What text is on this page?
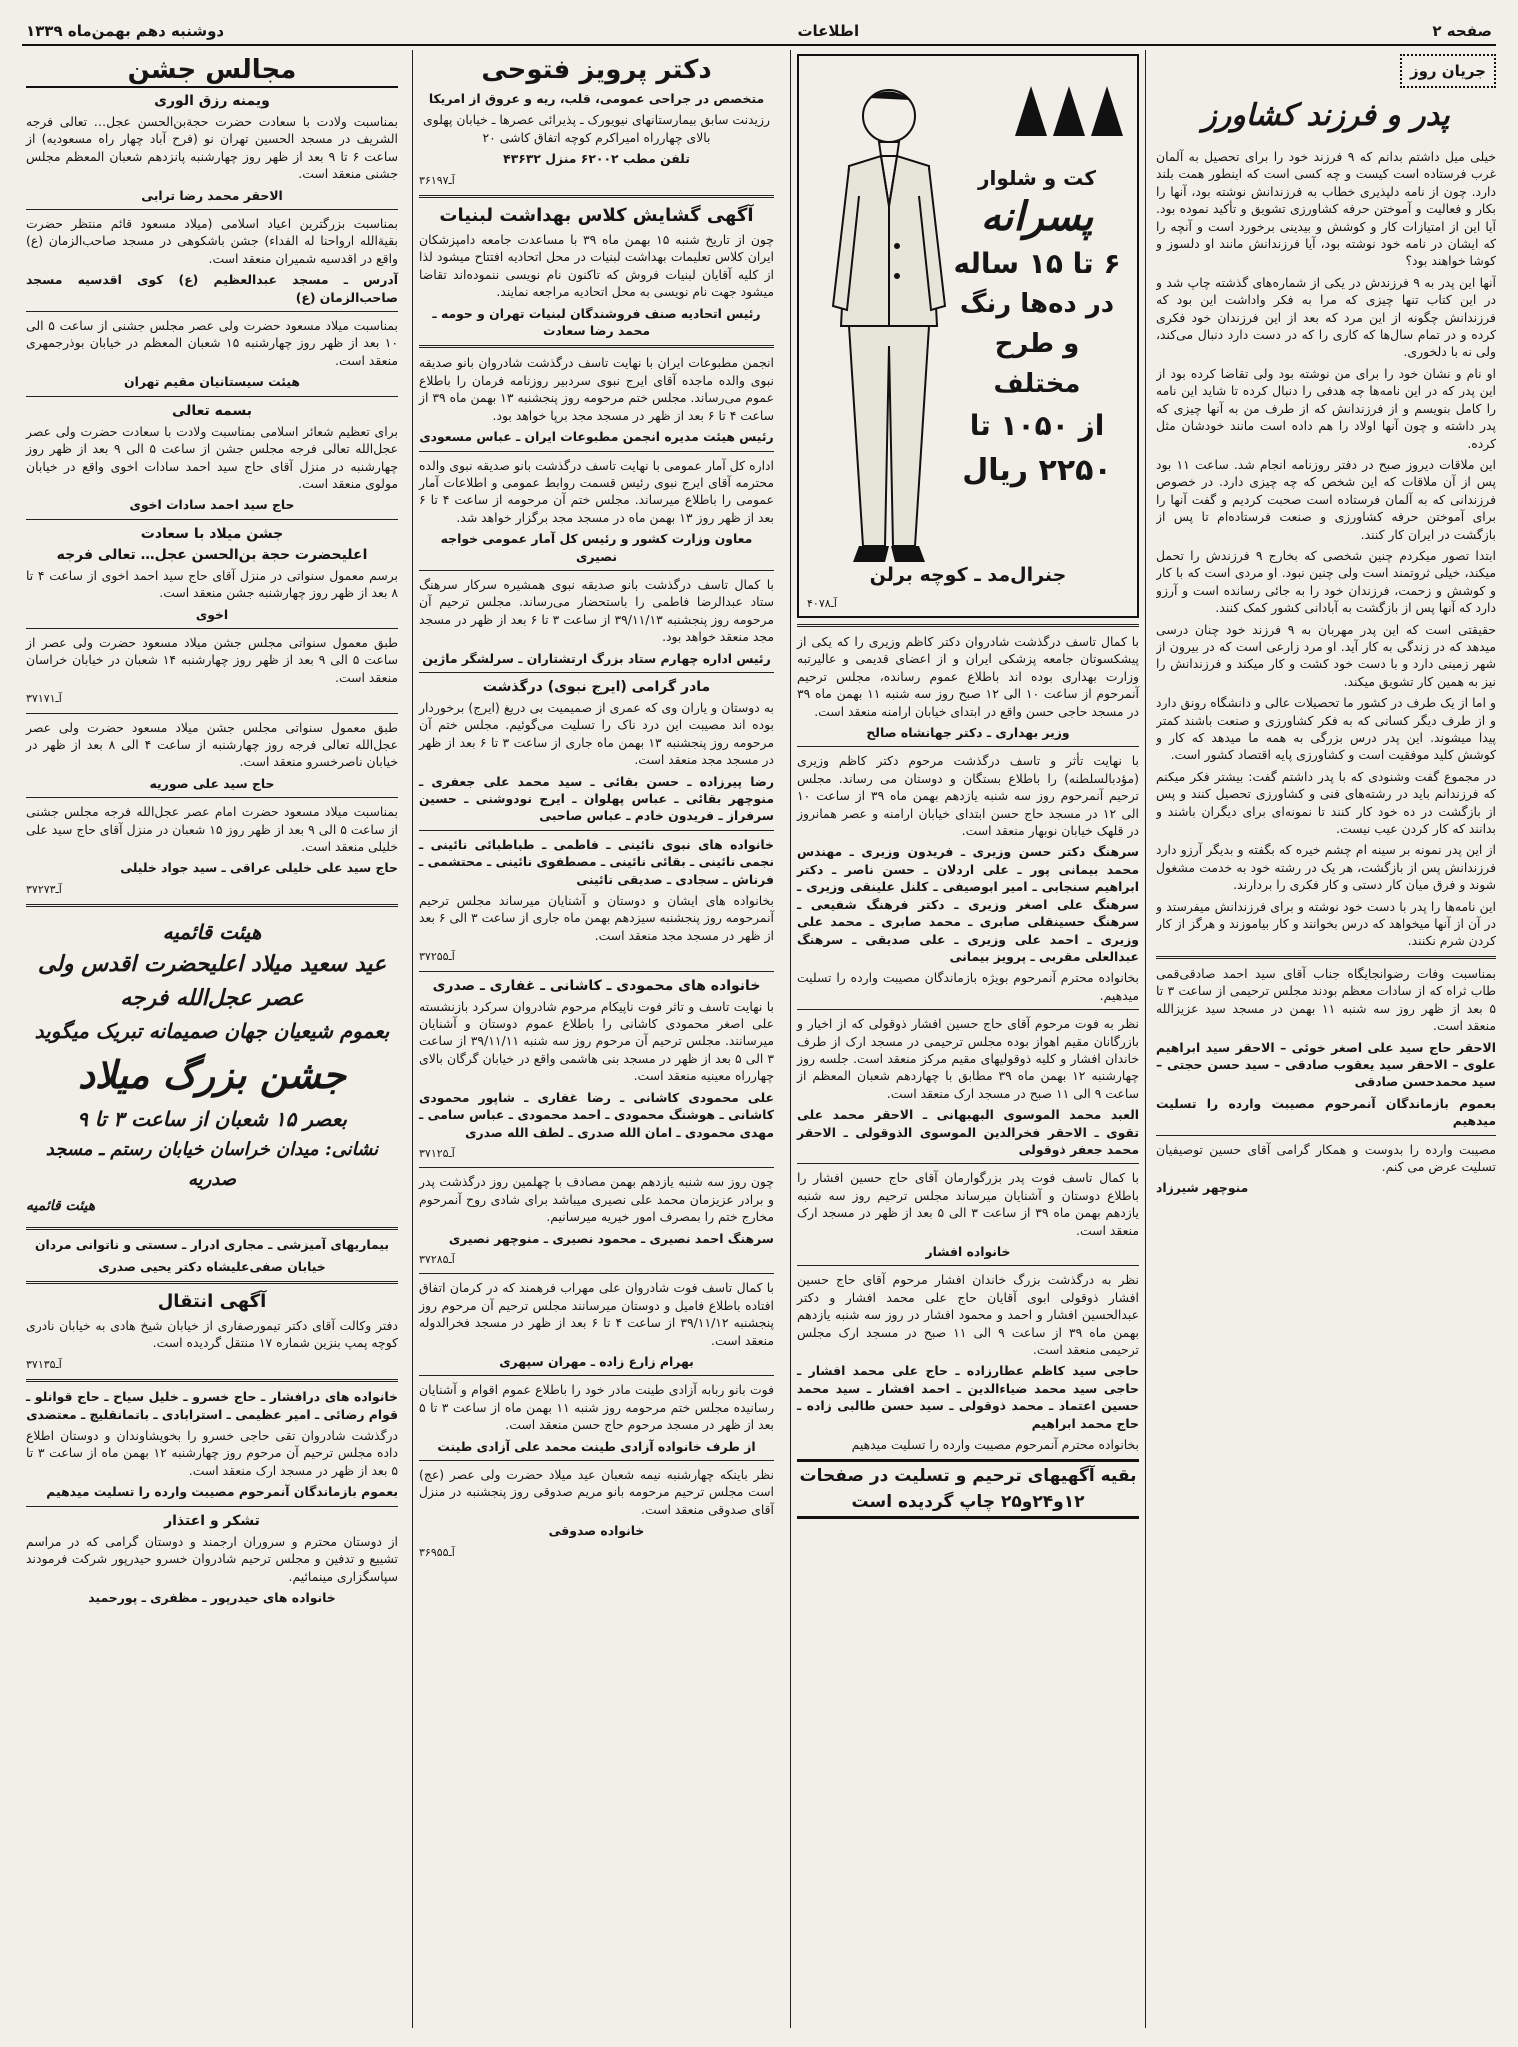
صفحه ۲
اطلاعات
دوشنبه دهم بهمن‌ماه ۱۳۳۹
جریان روز
پدر و فرزند کشاورز

خیلی میل داشتم بدانم که ۹ فرزند خود را برای تحصیل به آلمان غرب فرستاده است کیست و چه کسی است که اینطور همت بلند دارد. چون از نامه دلپذیری خطاب به فرزندانش نوشته بود، آنها را بکار و فعالیت و آموختن حرفه کشاورزی تشویق و تأکید نموده بود. آیا این از امتیازات کار و کوشش و بیدینی برخورد است و آنچه را که ایشان در نامه خود نوشته بود، آیا فرزندانش مانند او دلسوز و کوشا خواهند بود؟

آنها این پدر به ۹ فرزندش در یکی از شماره‌های گذشته چاپ شد و در این کتاب تنها چیزی که مرا به فکر واداشت این بود که فرزندانش چگونه از این مرد که بعد از این فرزندان خود فکری کرده و در تمام سال‌ها که کاری را که در دست دارد دنبال می‌کند، ولی نه با دلخوری.

او نام و نشان خود را برای من نوشته بود ولی تقاضا کرده بود از این پدر که در این نامه‌ها چه هدفی را دنبال کرده تا شاید این نامه را کامل بنویسم و از فرزندانش که از طرف من به آنها چیزی که پدر داشته و چون آنها اولاد را هم داده است مانند خودشان مثل کرده.

این ملاقات دیروز صبح در دفتر روزنامه انجام شد. ساعت ۱۱ بود پس از آن ملاقات که این شخص که چه چیزی دارد. در خصوص فرزندانی که به آلمان فرستاده است صحبت کردیم و گفت آنها را برای آموختن حرفه کشاورزی و صنعت فرستاده‌ام تا پس از بازگشت در ایران کار کنند.

ابتدا تصور میکردم چنین شخصی که بخارج ۹ فرزندش را تحمل میکند، خیلی ثروتمند است ولی چنین نبود. او مردی است که با کار و کوشش و زحمت، فرزندان خود را به جائی رسانده است و آرزو دارد که آنها پس از بازگشت به آبادانی کشور کمک کنند.

حقیقتی است که این پدر مهربان به ۹ فرزند خود چنان درسی میدهد که در زندگی به کار آید. او مرد زارعی است که در بیرون از شهر زمینی دارد و با دست خود کشت و کار میکند و فرزندانش را نیز به همین کار تشویق میکند.

و اما از یک طرف در کشور ما تحصیلات عالی و دانشگاه رونق دارد و از طرف دیگر کسانی که به فکر کشاورزی و صنعت باشند کمتر پیدا میشوند. این پدر درس بزرگی به همه ما میدهد که کار و کوشش کلید موفقیت است و کشاورزی پایه اقتصاد کشور است.

در مجموع گفت وشنودی که با پدر داشتم گفت: بیشتر فکر میکنم که فرزندانم باید در رشته‌های فنی و کشاورزی تحصیل کنند و پس از بازگشت در ده خود کار کنند تا نمونه‌ای برای دیگران باشند و بدانند که کار کردن عیب نیست.

از این پدر نمونه بر سینه ام چشم خیره که بگفته و بدیگر آرزو دارد فرزندانش پس از بازگشت، هر یک در رشته خود به خدمت مشغول شوند و فرق میان کار دستی و کار فکری را بردارند.

این نامه‌ها را پدر با دست خود نوشته و برای فرزندانش میفرستد و در آن از آنها میخواهد که درس بخوانند و کار بیاموزند و هرگز از کار کردن شرم نکنند.

بمناسبت وفات رضوانجایگاه جناب آقای سید احمد صادقی‌قمی طاب ثراه که از سادات معظم بودند مجلس ترحیمی از ساعت ۳ تا ۵ بعد از ظهر روز سه شنبه ۱۱ بهمن در مسجد سید عزیزالله منعقد است.

الاحقر حاج سید علی اصغر خوئی – الاحقر سید ابراهیم علوی – الاحقر سید یعقوب صادقی – سید حسن حجتی – سید محمدحسن صادقی

بعموم بازماندگان آنمرحوم مصیبت وارده را تسلیت میدهیم

مصیبت وارده را بدوست و همکار گرامی آقای حسین توصیفیان تسلیت عرض می کنم.

منوچهر شیرزاد

کت و شلوار
پسرانه
۶ تا ۱۵ ساله
در ده‌ها رنگ
و طرح مختلف
از ۱۰۵۰ تا
۲۲۵۰ ریال
جنرال‌مد ـ کوچه برلن
آـ۴۰۷۸

با کمال تاسف درگذشت شادروان دکتر کاظم وزیری را که یکی از پیشکسوتان جامعه پزشکی ایران و از اعضای قدیمی و عالیرتبه وزارت بهداری بوده اند باطلاع عموم رسانده، مجلس ترحیم آنمرحوم از ساعت ۱۰ الی ۱۲ صبح روز سه شنبه ۱۱ بهمن ماه ۳۹ در مسجد حاجی حسن واقع در ابتدای خیابان ارامنه منعقد است.

وزیر بهداری ـ دکتر جهانشاه صالح

با نهایت تأثر و تاسف درگذشت مرحوم دکتر کاظم وزیری (مؤدبالسلطنه) را باطلاع بستگان و دوستان می رساند. مجلس ترحیم آنمرحوم روز سه شنبه یازدهم بهمن ماه ۳۹ از ساعت ۱۰ الی ۱۲ در مسجد حاج حسن ابتدای خیابان ارامنه و عصر همانروز در قلهک خیابان نوبهار منعقد است.

سرهنگ دکتر حسن وزیری ـ فریدون وزیری ـ مهندس محمد بیمانی پور ـ علی اردلان ـ حسن ناصر ـ دکتر ابراهیم سنجابی ـ امیر ابوصیفی ـ کلنل علینقی وزیری ـ سرهنگ علی اصغر وزیری ـ دکتر فرهنگ شفیعی ـ سرهنگ حسینقلی صابری ـ محمد صابری ـ محمد علی وزیری ـ احمد علی وزیری ـ علی صدیقی ـ سرهنگ عبدالعلی مقربی ـ پرویز بیمانی

بخانواده محترم آنمرحوم بویژه بازماندگان مصیبت وارده را تسلیت میدهیم.

نظر به فوت مرحوم آقای حاج حسین افشار ذوقولی که از اخیار و بازرگانان مقیم اهواز بوده مجلس ترحیمی در مسجد ارک از طرف خاندان افشار و کلیه ذوقولیهای مقیم مرکز منعقد است. جلسه روز چهارشنبه ۱۲ بهمن ماه ۳۹ مطابق با چهاردهم شعبان المعظم از ساعت ۹ الی ۱۱ صبح در مسجد ارک منعقد است.

العبد محمد الموسوی البهبهانی ـ الاحقر محمد علی تقوی ـ الاحقر فخرالدین الموسوی الذوقولی ـ الاحقر محمد جعفر ذوقولی

با کمال تاسف فوت پدر بزرگوارمان آقای حاج حسین افشار را باطلاع دوستان و آشنایان میرساند مجلس ترحیم روز سه شنبه یازدهم بهمن ماه ۳۹ از ساعت ۳ الی ۵ بعد از ظهر در مسجد ارک منعقد است.

خانواده افشار

نظر به درگذشت بزرگ خاندان افشار مرحوم آقای حاج حسین افشار ذوقولی ابوی آقایان حاج علی محمد افشار و دکتر عبدالحسین افشار و احمد و محمود افشار در روز سه شنبه یازدهم بهمن ماه ۳۹ از ساعت ۹ الی ۱۱ صبح در مسجد ارک مجلس ترحیمی منعقد است.

حاجی سید کاظم عطارزاده ـ حاج علی محمد افشار ـ حاجی سید محمد ضیاءالدین ـ احمد افشار ـ سید محمد حسین اعتماد ـ محمد ذوقولی ـ سید حسن طالبی زاده ـ حاج محمد ابراهیم

بخانواده محترم آنمرحوم مصیبت وارده را تسلیت میدهیم

بقیه آگهیهای ترحیم و تسلیت در صفحات
۱۲و۲۴و۲۵ چاپ گردیده است
دکتر پرویز فتوحی

متخصص در جراحی عمومی، قلب، ریه و عروق از امریکا

رزیدنت سابق بیمارستانهای نیویورک ـ پذیرائی عصرها ـ خیابان پهلوی بالای چهارراه امیراکرم کوچه اتفاق کاشی ۲۰

تلفن مطب ۶۲۰۰۲ منزل ۴۳۶۳۲

آـ۳۶۱۹۷

آگهی گشایش کلاس بهداشت لبنیات

چون از تاریخ شنبه ۱۵ بهمن ماه ۳۹ با مساعدت جامعه دامپزشکان ایران کلاس تعلیمات بهداشت لبنیات در محل اتحادیه افتتاح میشود لذا از کلیه آقایان لبنیات فروش که تاکنون نام نویسی ننموده‌اند تقاضا میشود جهت نام نویسی به محل اتحادیه مراجعه نمایند.

رئیس اتحادیه صنف فروشندگان لبنیات تهران و حومه ـ محمد رضا سعادت

انجمن مطبوعات ایران با نهایت تاسف درگذشت شادروان بانو صدیقه نبوی والده ماجده آقای ایرج نبوی سردبیر روزنامه فرمان را باطلاع عموم می‌رساند. مجلس ختم مرحومه روز پنجشنبه ۱۳ بهمن ماه ۳۹ از ساعت ۴ تا ۶ بعد از ظهر در مسجد مجد برپا خواهد بود.

رئیس هیئت مدیره انجمن مطبوعات ایران ـ عباس مسعودی

اداره کل آمار عمومی با نهایت تاسف درگذشت بانو صدیقه نبوی والده محترمه آقای ایرج نبوی رئیس قسمت روابط عمومی و اطلاعات آمار عمومی را باطلاع میرساند. مجلس ختم آن مرحومه از ساعت ۴ تا ۶ بعد از ظهر روز ۱۳ بهمن ماه در مسجد مجد برگزار خواهد شد.

معاون وزارت کشور و رئیس کل آمار عمومی خواجه نصیری

با کمال تاسف درگذشت بانو صدیقه نبوی همشیره سرکار سرهنگ ستاد عبدالرضا فاطمی را باستحضار می‌رساند. مجلس ترحیم آن مرحومه روز پنجشنبه ۳۹/۱۱/۱۳ از ساعت ۳ تا ۶ بعد از ظهر در مسجد مجد منعقد خواهد بود.

رئیس اداره چهارم ستاد بزرگ ارتشتاران ـ سرلشگر ماژین

مادر گرامی (ایرج نبوی) درگذشت

به دوستان و یاران وی که عمری از صمیمیت بی دریغ (ایرج) برخوردار بوده اند مصیبت این درد ناک را تسلیت می‌گوئیم. مجلس ختم آن مرحومه روز پنجشنبه ۱۳ بهمن ماه جاری از ساعت ۳ تا ۶ بعد از ظهر در مسجد مجد منعقد است.

رضا پیرزاده ـ حسن بقائی ـ سید محمد علی جعفری ـ منوچهر بقائی ـ عباس پهلوان ـ ایرج نودوشنی ـ حسین سرفراز ـ فریدون خادم ـ عباس صاحبی

خانواده های نبوی نائینی ـ فاطمی ـ طباطبائی نائینی ـ نجمی نائینی ـ بقائی نائینی ـ مصطفوی نائینی ـ محتشمی ـ فرناش ـ سجادی ـ صدیقی نائینی

بخانواده های ایشان و دوستان و آشنایان میرساند مجلس ترحیم آنمرحومه روز پنجشنبه سیزدهم بهمن ماه جاری از ساعت ۳ الی ۶ بعد از ظهر در مسجد مجد منعقد است.

آـ۳۷۲۵۵

خانواده های محمودی ـ کاشانی ـ غفاری ـ صدری

با نهایت تاسف و تاثر فوت ناپیکام مرحوم شادروان سرکرد بازنشسته علی اصغر محمودی کاشانی را باطلاع عموم دوستان و آشنایان میرسانند. مجلس ترحیم آن مرحوم روز سه شنبه ۳۹/۱۱/۱۱ از ساعت ۳ الی ۵ بعد از ظهر در مسجد بنی هاشمی واقع در خیابان گرگان بالای چهارراه معینیه منعقد است.

علی محمودی کاشانی ـ رضا غفاری ـ شاپور محمودی کاشانی ـ هوشنگ محمودی ـ احمد محمودی ـ عباس سامی ـ مهدی محمودی ـ امان الله صدری ـ لطف الله صدری

آـ۳۷۱۲۵

چون روز سه شنبه یازدهم بهمن مصادف با چهلمین روز درگذشت پدر و برادر عزیزمان محمد علی نصیری میباشد برای شادی روح آنمرحوم مخارج ختم را بمصرف امور خیریه میرسانیم.

سرهنگ احمد نصیری ـ محمود نصیری ـ منوچهر نصیری

آـ۳۷۲۸۵

با کمال تاسف فوت شادروان علی مهراب فرهمند که در کرمان اتفاق افتاده باطلاع فامیل و دوستان میرسانند مجلس ترحیم آن مرحوم روز پنجشنبه ۳۹/۱۱/۱۲ از ساعت ۴ تا ۶ بعد از ظهر در مسجد فخرالدوله منعقد است.

بهرام زارع زاده ـ مهران سپهری

فوت بانو ربابه آزادی طینت مادر خود را باطلاع عموم اقوام و آشنایان رسانیده مجلس ختم مرحومه روز شنبه ۱۱ بهمن ماه از ساعت ۳ تا ۵ بعد از ظهر در مسجد مرحوم حاج حسن منعقد است.

از طرف خانواده آزادی طینت محمد علی آزادی طینت

نظر باینکه چهارشنبه نیمه شعبان عید میلاد حضرت ولی عصر (عج) است مجلس ترحیم مرحومه بانو مریم صدوقی روز پنجشنبه در منزل آقای صدوقی منعقد است.

خانواده صدوقی

آـ۳۶۹۵۵

مجالس جشن
ویمنه رزق الوری

بمناسبت ولادت با سعادت حضرت حجةبن‌الحسن عجل… تعالی فرجه الشریف در مسجد الحسین تهران نو (فرح آباد چهار راه مسعودیه) از ساعت ۶ تا ۹ بعد از ظهر روز چهارشنبه پانزدهم شعبان المعظم مجلس جشنی منعقد است.

الاحقر محمد رضا ترابی

بمناسبت بزرگترین اعیاد اسلامی (میلاد مسعود قائم منتظر حضرت بقیةالله ارواحنا له الفداء) جشن باشکوهی در مسجد صاحب‌الزمان (ع) واقع در اقدسیه شمیران منعقد است.

آدرس ـ مسجد عبدالعظیم (ع) کوی اقدسیه مسجد صاحب‌الزمان (ع)

بمناسبت میلاد مسعود حضرت ولی عصر مجلس جشنی از ساعت ۵ الی ۱۰ بعد از ظهر روز چهارشنبه ۱۵ شعبان المعظم در خیابان بوذرجمهری منعقد است.

هیئت سیستانیان مقیم تهران

بسمه تعالی

برای تعظیم شعائر اسلامی بمناسبت ولادت با سعادت حضرت ولی عصر عجل‌الله تعالی فرجه مجلس جشن از ساعت ۵ الی ۹ بعد از ظهر روز چهارشنبه در منزل آقای حاج سید احمد سادات اخوی واقع در خیابان مولوی منعقد است.

حاج سید احمد سادات اخوی

جشن میلاد با سعادت
اعلیحضرت حجة بن‌الحسن عجل… تعالی فرجه

برسم معمول سنواتی در منزل آقای حاج سید احمد اخوی از ساعت ۴ تا ۸ بعد از ظهر روز چهارشنبه جشن منعقد است.

اخوی

طبق معمول سنواتی مجلس جشن میلاد مسعود حضرت ولی عصر از ساعت ۵ الی ۹ بعد از ظهر روز چهارشنبه ۱۴ شعبان در خیابان خراسان منعقد است.

آـ۳۷۱۷۱

طبق معمول سنواتی مجلس جشن میلاد مسعود حضرت ولی عصر عجل‌الله تعالی فرجه روز چهارشنبه از ساعت ۴ الی ۸ بعد از ظهر در خیابان ناصرخسرو منعقد است.

حاج سید علی صوریه

بمناسبت میلاد مسعود حضرت امام عصر عجل‌الله فرجه مجلس جشنی از ساعت ۵ الی ۹ بعد از ظهر روز ۱۵ شعبان در منزل آقای حاج سید علی خلیلی منعقد است.

حاج سید علی خلیلی عراقی ـ سید جواد خلیلی

آـ۳۷۲۷۳

هیئت قائمیه
عید سعید میلاد اعلیحضرت اقدس ولی عصر عجل‌الله فرجه
بعموم شیعیان جهان صمیمانه تبریک میگوید
جشن بزرگ میلاد
بعصر ۱۵ شعبان از ساعت ۳ تا ۹
نشانی: میدان خراسان خیابان رستم ـ مسجد صدریه
هیئت قائمیه

بیماریهای آمیزشی ـ مجاری ادرار ـ سستی و ناتوانی مردان

خیابان صفی‌علیشاه دکتر یحیی صدری

آگهی انتقال

دفتر وکالت آقای دکتر تیمورصفاری از خیابان شیخ هادی به خیابان نادری کوچه پمپ بنزین شماره ۱۷ منتقل گردیده است.

آـ۳۷۱۳۵

خانواده های درافشار ـ حاج خسرو ـ خلیل سیاح ـ حاج قوانلو ـ قوام رضائی ـ امیر عظیمی ـ استرابادی ـ باتمانقلیچ ـ معتضدی

درگذشت شادروان تقی حاجی خسرو را بخویشاوندان و دوستان اطلاع داده مجلس ترحیم آن مرحوم روز چهارشنبه ۱۲ بهمن ماه از ساعت ۳ تا ۵ بعد از ظهر در مسجد ارک منعقد است.

بعموم بازماندگان آنمرحوم مصیبت وارده را تسلیت میدهیم

تشکر و اعتذار

از دوستان محترم و سروران ارجمند و دوستان گرامی که در مراسم تشییع و تدفین و مجلس ترحیم شادروان خسرو حیدرپور شرکت فرمودند سپاسگزاری مینمائیم.

خانواده های حیدرپور ـ مظفری ـ پورحمید
